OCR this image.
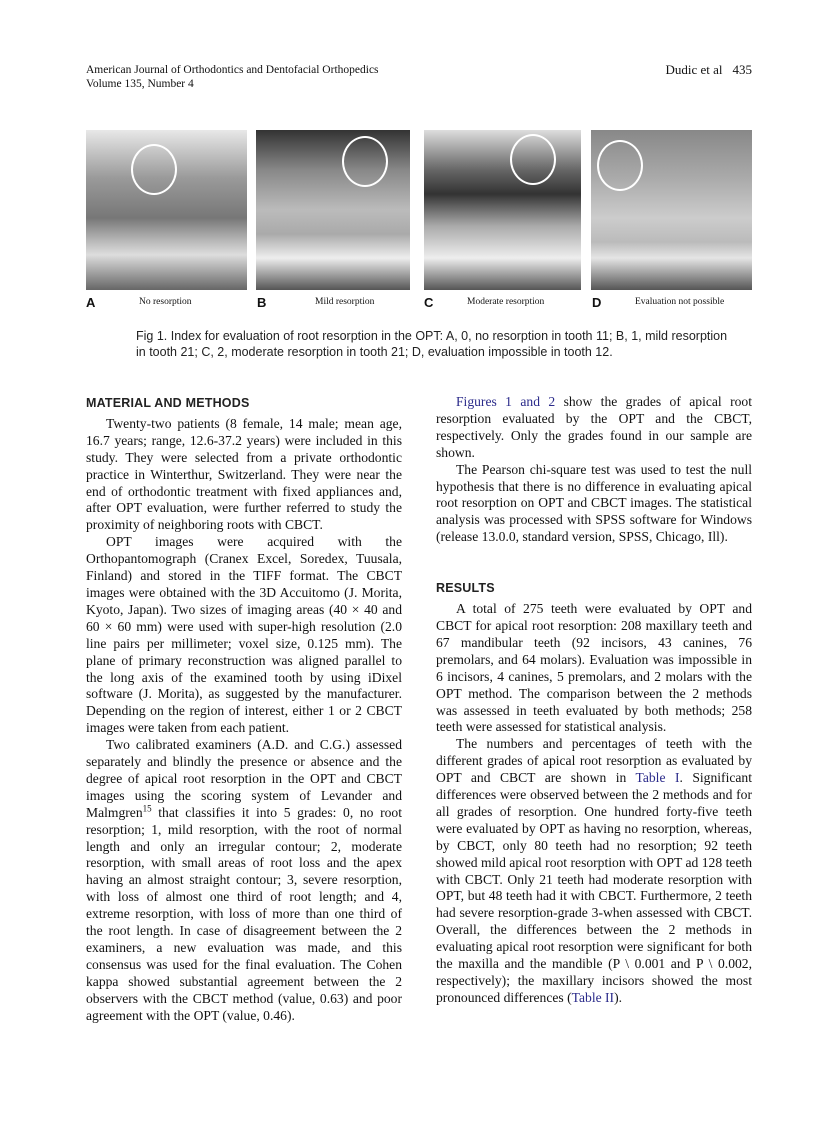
American Journal of Orthodontics and Dentofacial Orthopedics
Volume 135, Number 4
Dudic et al 435
A	No resorption	B	Mild resorption	C	Moderate resorption	D	Evaluation not possible
Fig 1. Index for evaluation of root resorption in the OPT: A, 0, no resorption in tooth 11; B, 1, mild resorption in tooth 21; C, 2, moderate resorption in tooth 21; D, evaluation impossible in tooth 12.
MATERIAL AND METHODS

Twenty-two patients (8 female, 14 male; mean age, 16.7 years; range, 12.6-37.2 years) were included in this study. They were selected from a private orthodontic practice in Winterthur, Switzerland. They were near the end of orthodontic treatment with fixed appliances and, after OPT evaluation, were further referred to study the proximity of neighboring roots with CBCT.

OPT images were acquired with the Orthopantomograph (Cranex Excel, Soredex, Tuusala, Finland) and stored in the TIFF format. The CBCT images were obtained with the 3D Accuitomo (J. Morita, Kyoto, Japan). Two sizes of imaging areas (40 × 40 and 60 × 60 mm) were used with super-high resolution (2.0 line pairs per millimeter; voxel size, 0.125 mm). The plane of primary reconstruction was aligned parallel to the long axis of the examined tooth by using iDixel software (J. Morita), as suggested by the manufacturer. Depending on the region of interest, either 1 or 2 CBCT images were taken from each patient.

Two calibrated examiners (A.D. and C.G.) assessed separately and blindly the presence or absence and the degree of apical root resorption in the OPT and CBCT images using the scoring system of Levander and Malmgren$^{15}$ that classifies it into 5 grades: 0, no root resorption; 1, mild resorption, with the root of normal length and only an irregular contour; 2, moderate resorption, with small areas of root loss and the apex having an almost straight contour; 3, severe resorption, with loss of almost one third of root length; and 4, extreme resorption, with loss of more than one third of the root length. In case of disagreement between the 2 examiners, a new evaluation was made, and this consensus was used for the final evaluation. The Cohen kappa showed substantial agreement between the 2 observers with the CBCT method (value, 0.63) and poor agreement with the OPT (value, 0.46).

Figures 1 and 2 show the grades of apical root resorption evaluated by the OPT and the CBCT, respectively. Only the grades found in our sample are shown.

The Pearson chi-square test was used to test the null hypothesis that there is no difference in evaluating apical root resorption on OPT and CBCT images. The statistical analysis was processed with SPSS software for Windows (release 13.0.0, standard version, SPSS, Chicago, Ill).

RESULTS

A total of 275 teeth were evaluated by OPT and CBCT for apical root resorption: 208 maxillary teeth and 67 mandibular teeth (92 incisors, 43 canines, 76 premolars, and 64 molars). Evaluation was impossible in 6 incisors, 4 canines, 5 premolars, and 2 molars with the OPT method. The comparison between the 2 methods was assessed in teeth evaluated by both methods; 258 teeth were assessed for statistical analysis.

The numbers and percentages of teeth with the different grades of apical root resorption as evaluated by OPT and CBCT are shown in Table I. Significant differences were observed between the 2 methods and for all grades of resorption. One hundred forty-five teeth were evaluated by OPT as having no resorption, whereas, by CBCT, only 80 teeth had no resorption; 92 teeth showed mild apical root resorption with OPT ad 128 teeth with CBCT. Only 21 teeth had moderate resorption with OPT, but 48 teeth had it with CBCT. Furthermore, 2 teeth had severe resorption-grade 3-when assessed with CBCT. Overall, the differences between the 2 methods in evaluating apical root resorption were significant for both the maxilla and the mandible (P \ 0.001 and P \ 0.002, respectively); the maxillary incisors showed the most pronounced differences (Table II).
